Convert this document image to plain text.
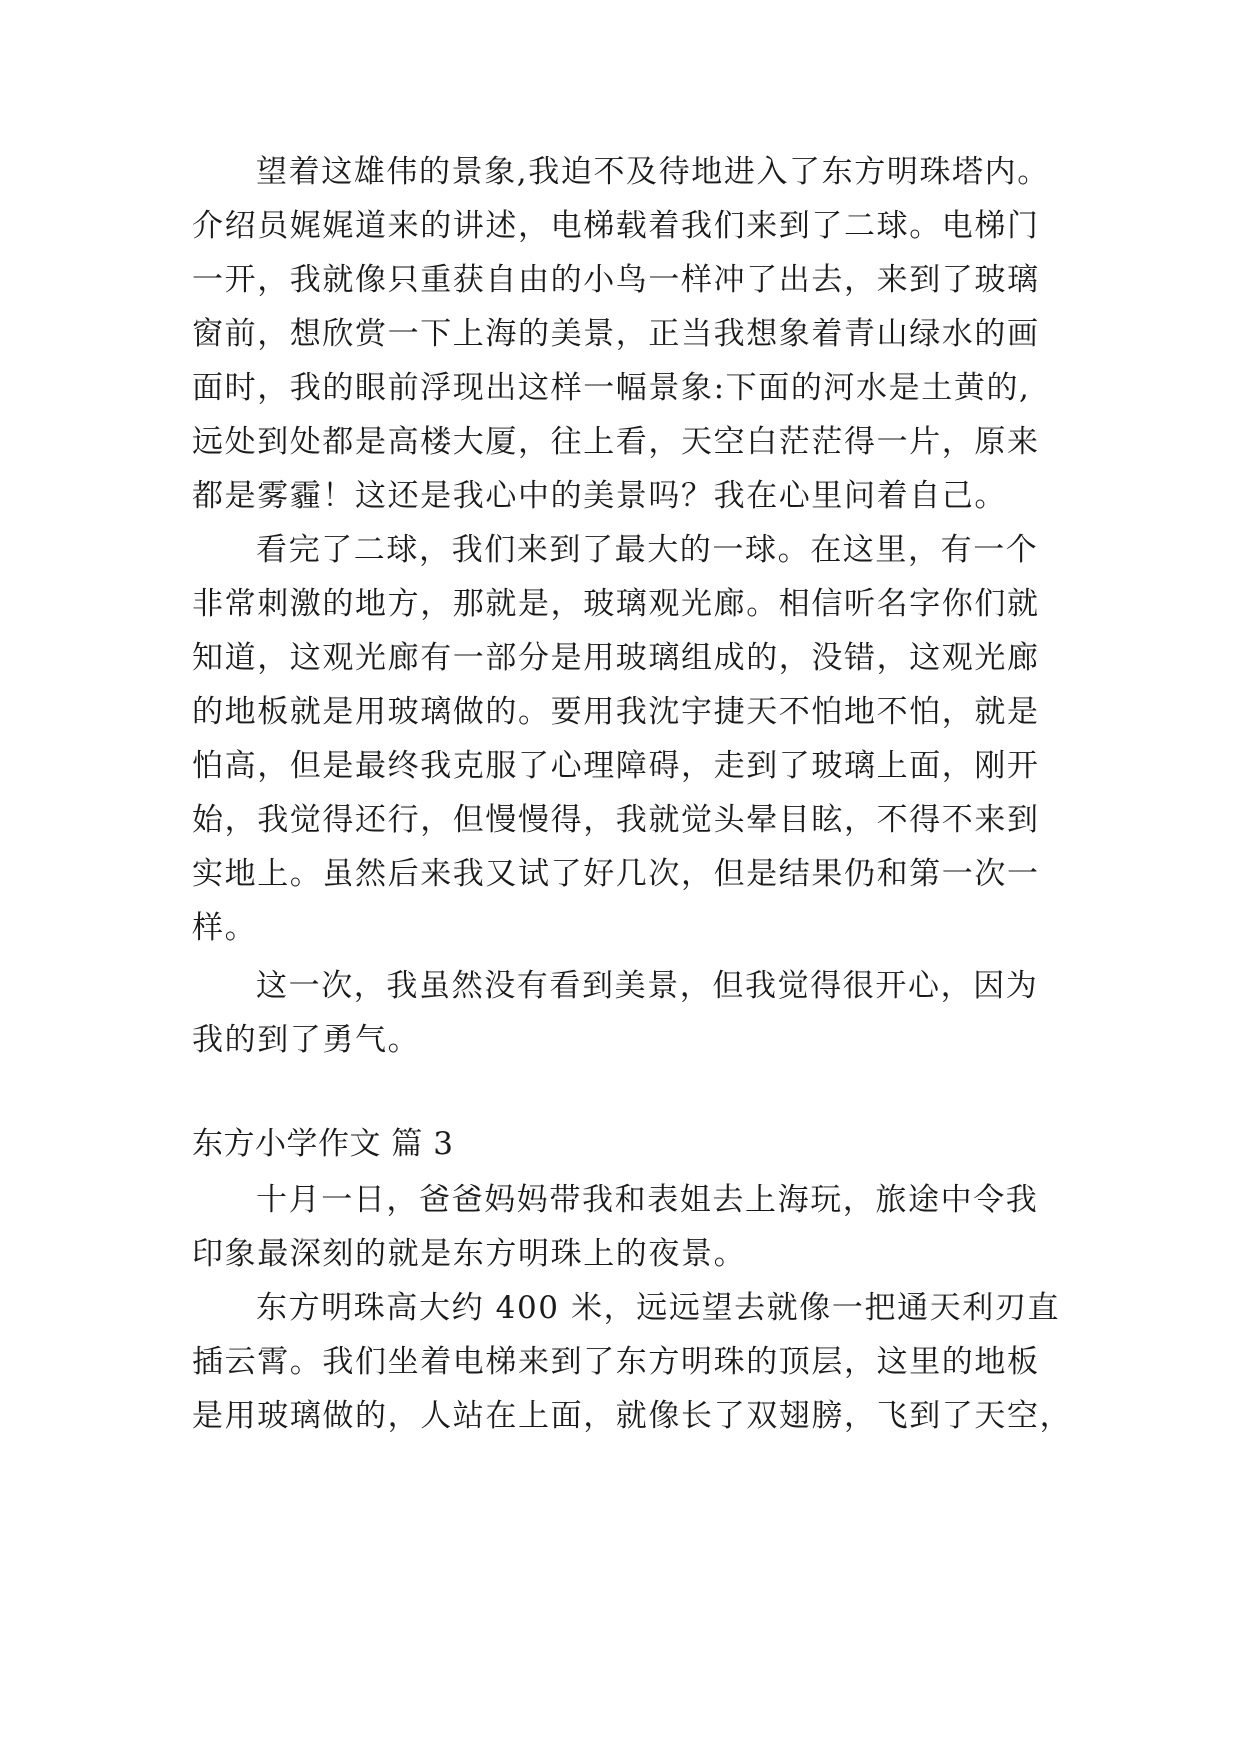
望着这雄伟的景象,我迫不及待地进入了东方明珠塔内。
介绍员娓娓道来的讲述，电梯载着我们来到了二球。电梯门
一开，我就像只重获自由的小鸟一样冲了出去，来到了玻璃
窗前，想欣赏一下上海的美景，正当我想象着青山绿水的画
面时，我的眼前浮现出这样一幅景象:下面的河水是土黄的,
远处到处都是高楼大厦，往上看，天空白茫茫得一片，原来
都是雾霾！这还是我心中的美景吗？我在心里问着自己。
看完了二球，我们来到了最大的一球。在这里，有一个
非常刺激的地方，那就是，玻璃观光廊。相信听名字你们就
知道，这观光廊有一部分是用玻璃组成的，没错，这观光廊
的地板就是用玻璃做的。要用我沈宇捷天不怕地不怕，就是
怕高，但是最终我克服了心理障碍，走到了玻璃上面，刚开
始，我觉得还行，但慢慢得，我就觉头晕目眩，不得不来到
实地上。虽然后来我又试了好几次，但是结果仍和第一次一
样。
这一次，我虽然没有看到美景，但我觉得很开心，因为
我的到了勇气。
东方小学作文 篇 3
十月一日，爸爸妈妈带我和表姐去上海玩，旅途中令我
印象最深刻的就是东方明珠上的夜景。
东方明珠高大约 400 米，远远望去就像一把通天利刃直
插云霄。我们坐着电梯来到了东方明珠的顶层，这里的地板
是用玻璃做的，人站在上面，就像长了双翅膀，飞到了天空，
